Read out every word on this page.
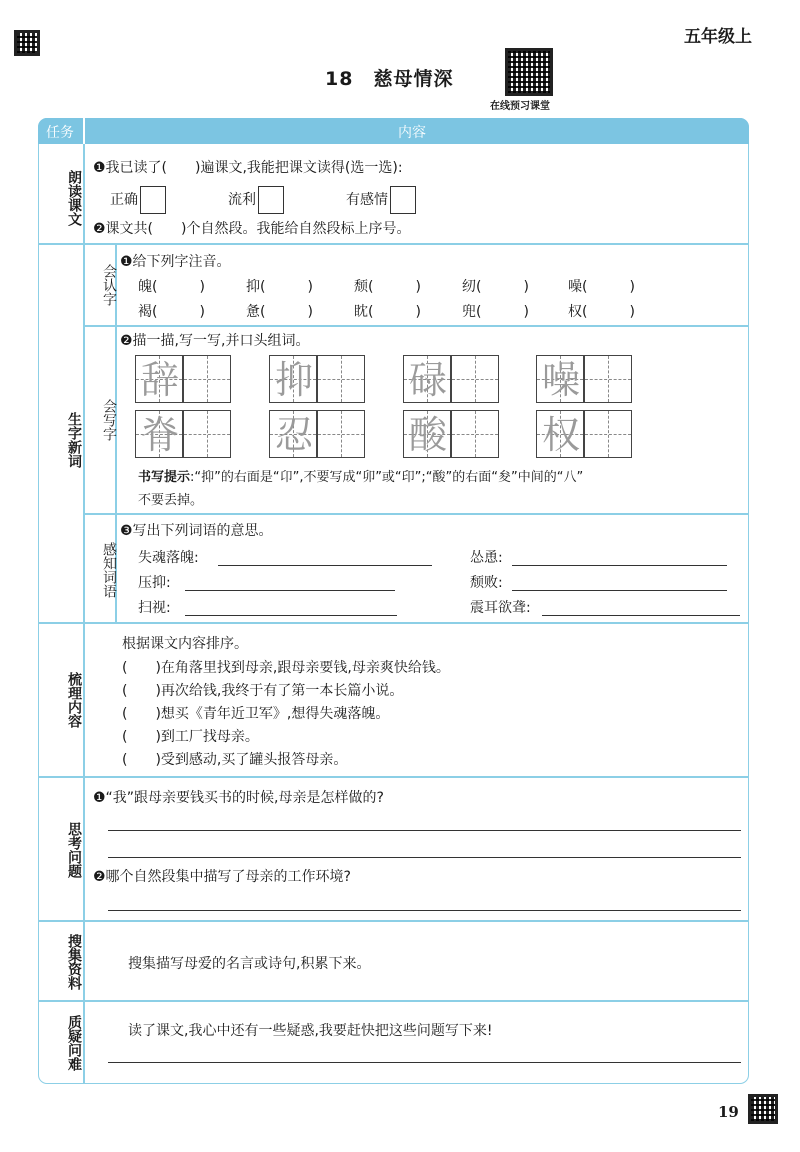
五年级上
18　慈母情深
在线预习课堂
任务	内容
朗读课文
❶我已读了(　　)遍课文,我能把课文读得(选一选):
正确	流利	有感情
❷课文共(　　)个自然段。我能给自然段标上序号。
生字新词
会认字
❶给下列字注音。
魄(　　　)	抑(　　　)	颓(　　　)	纫(　　　)	噪(　　　)
褐(　　　)	惫(　　　)	眈(　　　)	兜(　　　)	权(　　　)
会写字
❷描一描,写一写,并口头组词。
辞	抑	碌 噪
脊	忍	酸 权
书写提示:“抑”的右面是“卬”,不要写成“卯”或“印”;“酸”的右面“夋”中间的“八”
不要丢掉。
感知词语
❸写出下列词语的意思。
失魂落魄:	怂恿:
压抑:	颓败:
扫视:	震耳欲聋:
梳理内容
根据课文内容排序。
(　　)在角落里找到母亲,跟母亲要钱,母亲爽快给钱。
(　　)再次给钱,我终于有了第一本长篇小说。
(　　)想买《青年近卫军》,想得失魂落魄。
(　　)到工厂找母亲。
(　　)受到感动,买了罐头报答母亲。
思考问题
❶“我”跟母亲要钱买书的时候,母亲是怎样做的?
❷哪个自然段集中描写了母亲的工作环境?
搜集资料	搜集描写母爱的名言或诗句,积累下来。
质疑问难	读了课文,我心中还有一些疑惑,我要赶快把这些问题写下来!
19
